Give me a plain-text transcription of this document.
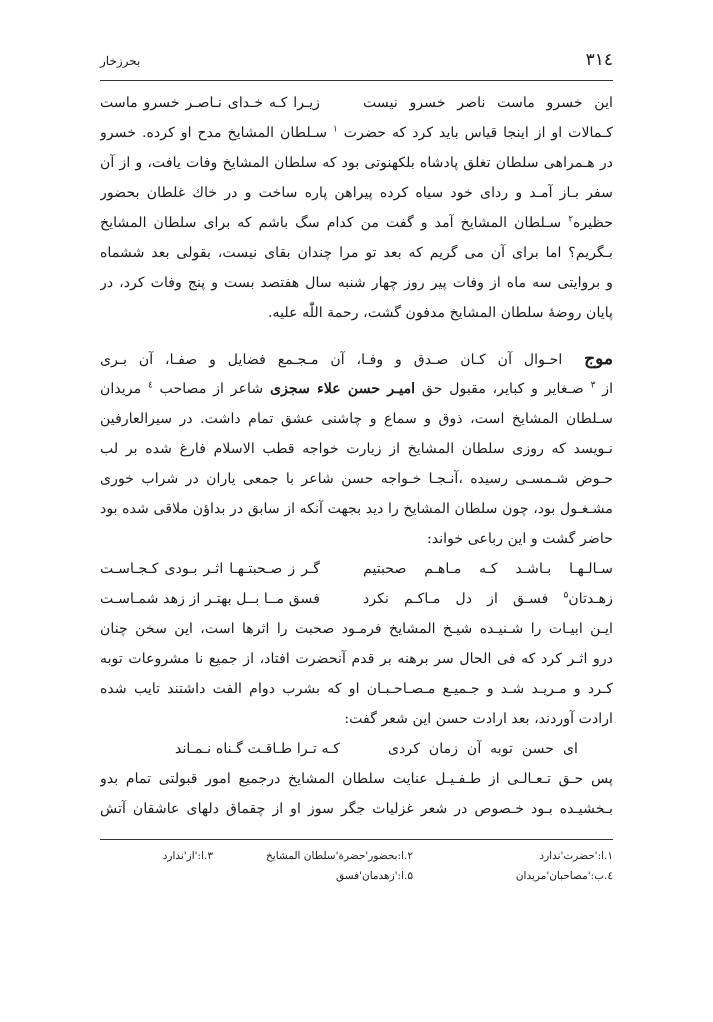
۳۱٤
بحرزخار
این خسرو ماست ناصر خسرو نیست
زیـرا کـه خـدای نـاصـر خسرو ماست
کـمالات او از اینجا قیاس باید کرد که حضرت $^۱$ سـلطان المشایخ مدح او کرده. خسرو
در هـمراهی سلطان تغلق پادشاه بلکهنوتی بود که سلطان المشایخ وفات یافت، و از آن
سفر بـاز آمـد و ردای خود سیاه کرده پیراهن پاره ساخت و در خاك غلطان بحضور
حظیره$^۲$ سـلطان المشایخ آمد و گفت من کدام سگ باشم که برای سلطان المشایخ
بـگریم؟ اما برای آن می گریم که بعد تو مرا چندان بقای نیست، بقولی بعد ششماه
و بروایتی سه ماه از وفات پیر روز چهار شنبه سال هفتصد بست و پنج وفات کرد، در
پایان روضهٔ سلطان المشایخ مدفون گشت، رحمة اللّٰه علیه.
موج احـوال آن کـان صـدق و وفـا، آن مـجـمع فضایل و صفـا، آن بـری
از $^۳$ صـغایر و کبایر، مقبول حق امیـر حسن علاء سجزی شاعر از مصاحب $^٤$ مریدان
سـلطان المشایخ است، ذوق و سماع و چاشنی عشق تمام داشت. در سیرالعارفین
نـویسد که روزی سلطان المشایخ از زیارت خواجه قطب الاسلام فارغ شده بر لب
حـوض شـمسـی رسیده ،آنـجـا خـواجه حسن شاعر با جمعی یاران در شراب خوری
مشـغـول بود، چون سلطان المشایخ را دید بجهت آنکه از سابق در بداؤن ملاقی شده بود
حاضر گشت و این رباعی خواند:
سـالـهـا بـاشـد کـه مـاهـم صحبتیم
گـر ز صـحبتـهـا اثـر بـودی کـجـاسـت
زهـدتان$^۵$ فسـق از دل مـاکـم نکرد
فسق مــا بــل بهتـر از زهد شمـاسـت
ایـن ابیـات را شـنیـده شیـخ المشایخ فرمـود صحبت را اثرها است، این سخن چنان
درو اثـر کرد که فی الحال سر برهنه بر قدم آنحضرت افتاد، از جمیع نا مشروعات توبه
کـرد و مـریـد شـد و جـمیـع مـصـاحـبـان او که بشرب دوام الفت داشتند تایب شده
ارادت آوردند، بعد ارادت حسن این شعر گفت:
ای حسن توبه آن زمان کردی
کـه تـرا طـاقـت گـناه نـمـاند
پس حـق تـعـالـی از طـفـیـل عنایت سلطان المشایخ درجمیع امور قبولتی تمام بدو
بـخشیـده بـود خـصوص در شعر غزلیات جگر سوز او از چقماق دلهای عاشقان آتش
۱.ا:'حضرت'ندارد
۲.ا:بحضور'حضرة'سلطان المشایخ
۳.ا:'از'ندارد
٤.ب:'مصاحبان'مریدان
۵.ا:'زهدمان'فسق
